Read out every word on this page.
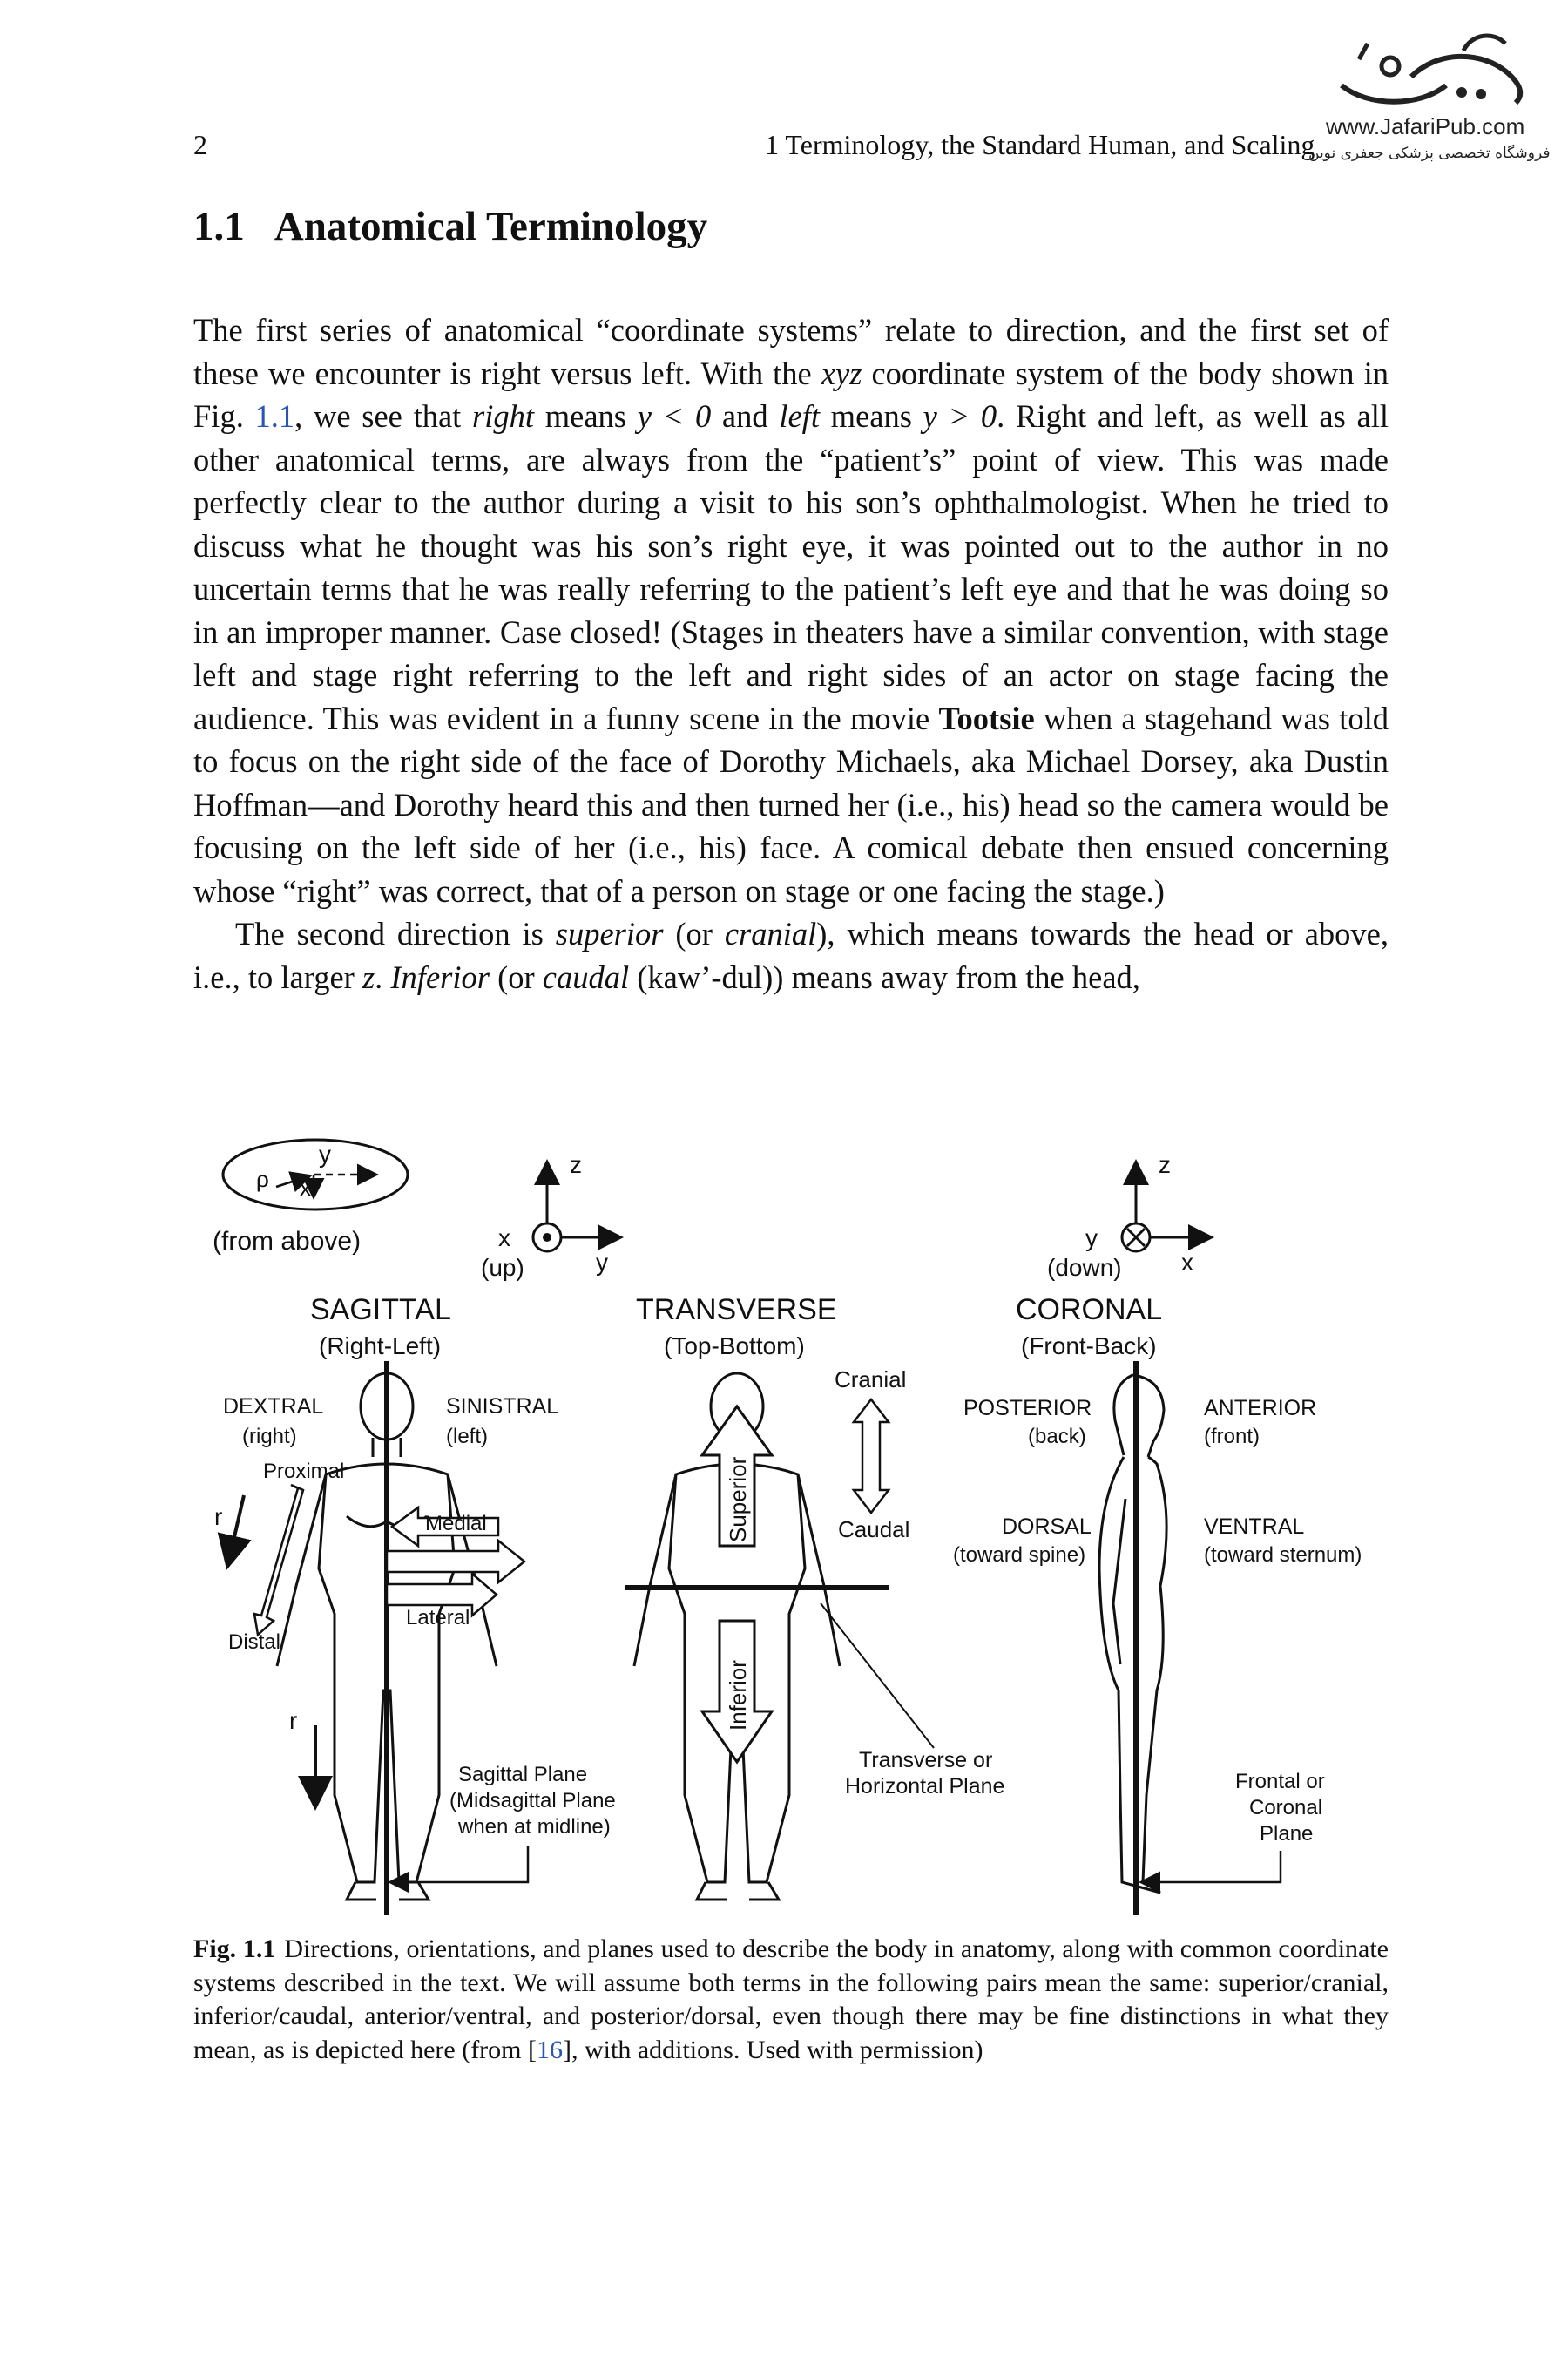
2	1 Terminology, the Standard Human, and Scaling
www.JafariPub.com
فروشگاه تخصصی پزشکی جعفری نوین
1.1 Anatomical Terminology

The first series of anatomical “coordinate systems” relate to direction, and the first set of these we encounter is right versus left. With the xyz coordinate system of the body shown in Fig. 1.1, we see that right means y < 0 and left means y > 0. Right and left, as well as all other anatomical terms, are always from the “patient’s” point of view. This was made perfectly clear to the author during a visit to his son’s ophthalmologist. When he tried to discuss what he thought was his son’s right eye, it was pointed out to the author in no uncertain terms that he was really referring to the patient’s left eye and that he was doing so in an improper manner. Case closed! (Stages in theaters have a similar convention, with stage left and stage right referring to the left and right sides of an actor on stage facing the audience. This was evident in a funny scene in the movie Tootsie when a stagehand was told to focus on the right side of the face of Dorothy Michaels, aka Michael Dorsey, aka Dustin Hoffman—and Dorothy heard this and then turned her (i.e., his) head so the camera would be focusing on the left side of her (i.e., his) face. A comical debate then ensued concerning whose “right” was correct, that of a person on stage or one facing the stage.)

The second direction is superior (or cranial), which means towards the head or above, i.e., to larger z. Inferior (or caudal (kaw’-dul)) means away from the head,

ρ
y
x
(from above)
z
x
(up)	y
z
y
(down) x
SAGITTAL
(Right-Left)
TRANSVERSE
(Top-Bottom)
CORONAL
(Front-Back)
DEXTRAL
(right)
SINISTRAL
(left)
Proximal
Distal
r
r
Medial
Lateral
Sagittal Plane
(Midsagittal Plane
when at midline)
Superior
Inferior
Cranial
Caudal
Transverse or
Horizontal Plane
POSTERIOR
(back)
ANTERIOR
(front)
DORSAL
(toward spine)
VENTRAL
(toward sternum)
Frontal or
Coronal
Plane

Fig. 1.1 Directions, orientations, and planes used to describe the body in anatomy, along with common coordinate systems described in the text. We will assume both terms in the following pairs mean the same: superior/cranial, inferior/caudal, anterior/ventral, and posterior/dorsal, even though there may be fine distinctions in what they mean, as is depicted here (from [16], with additions. Used with permission)
